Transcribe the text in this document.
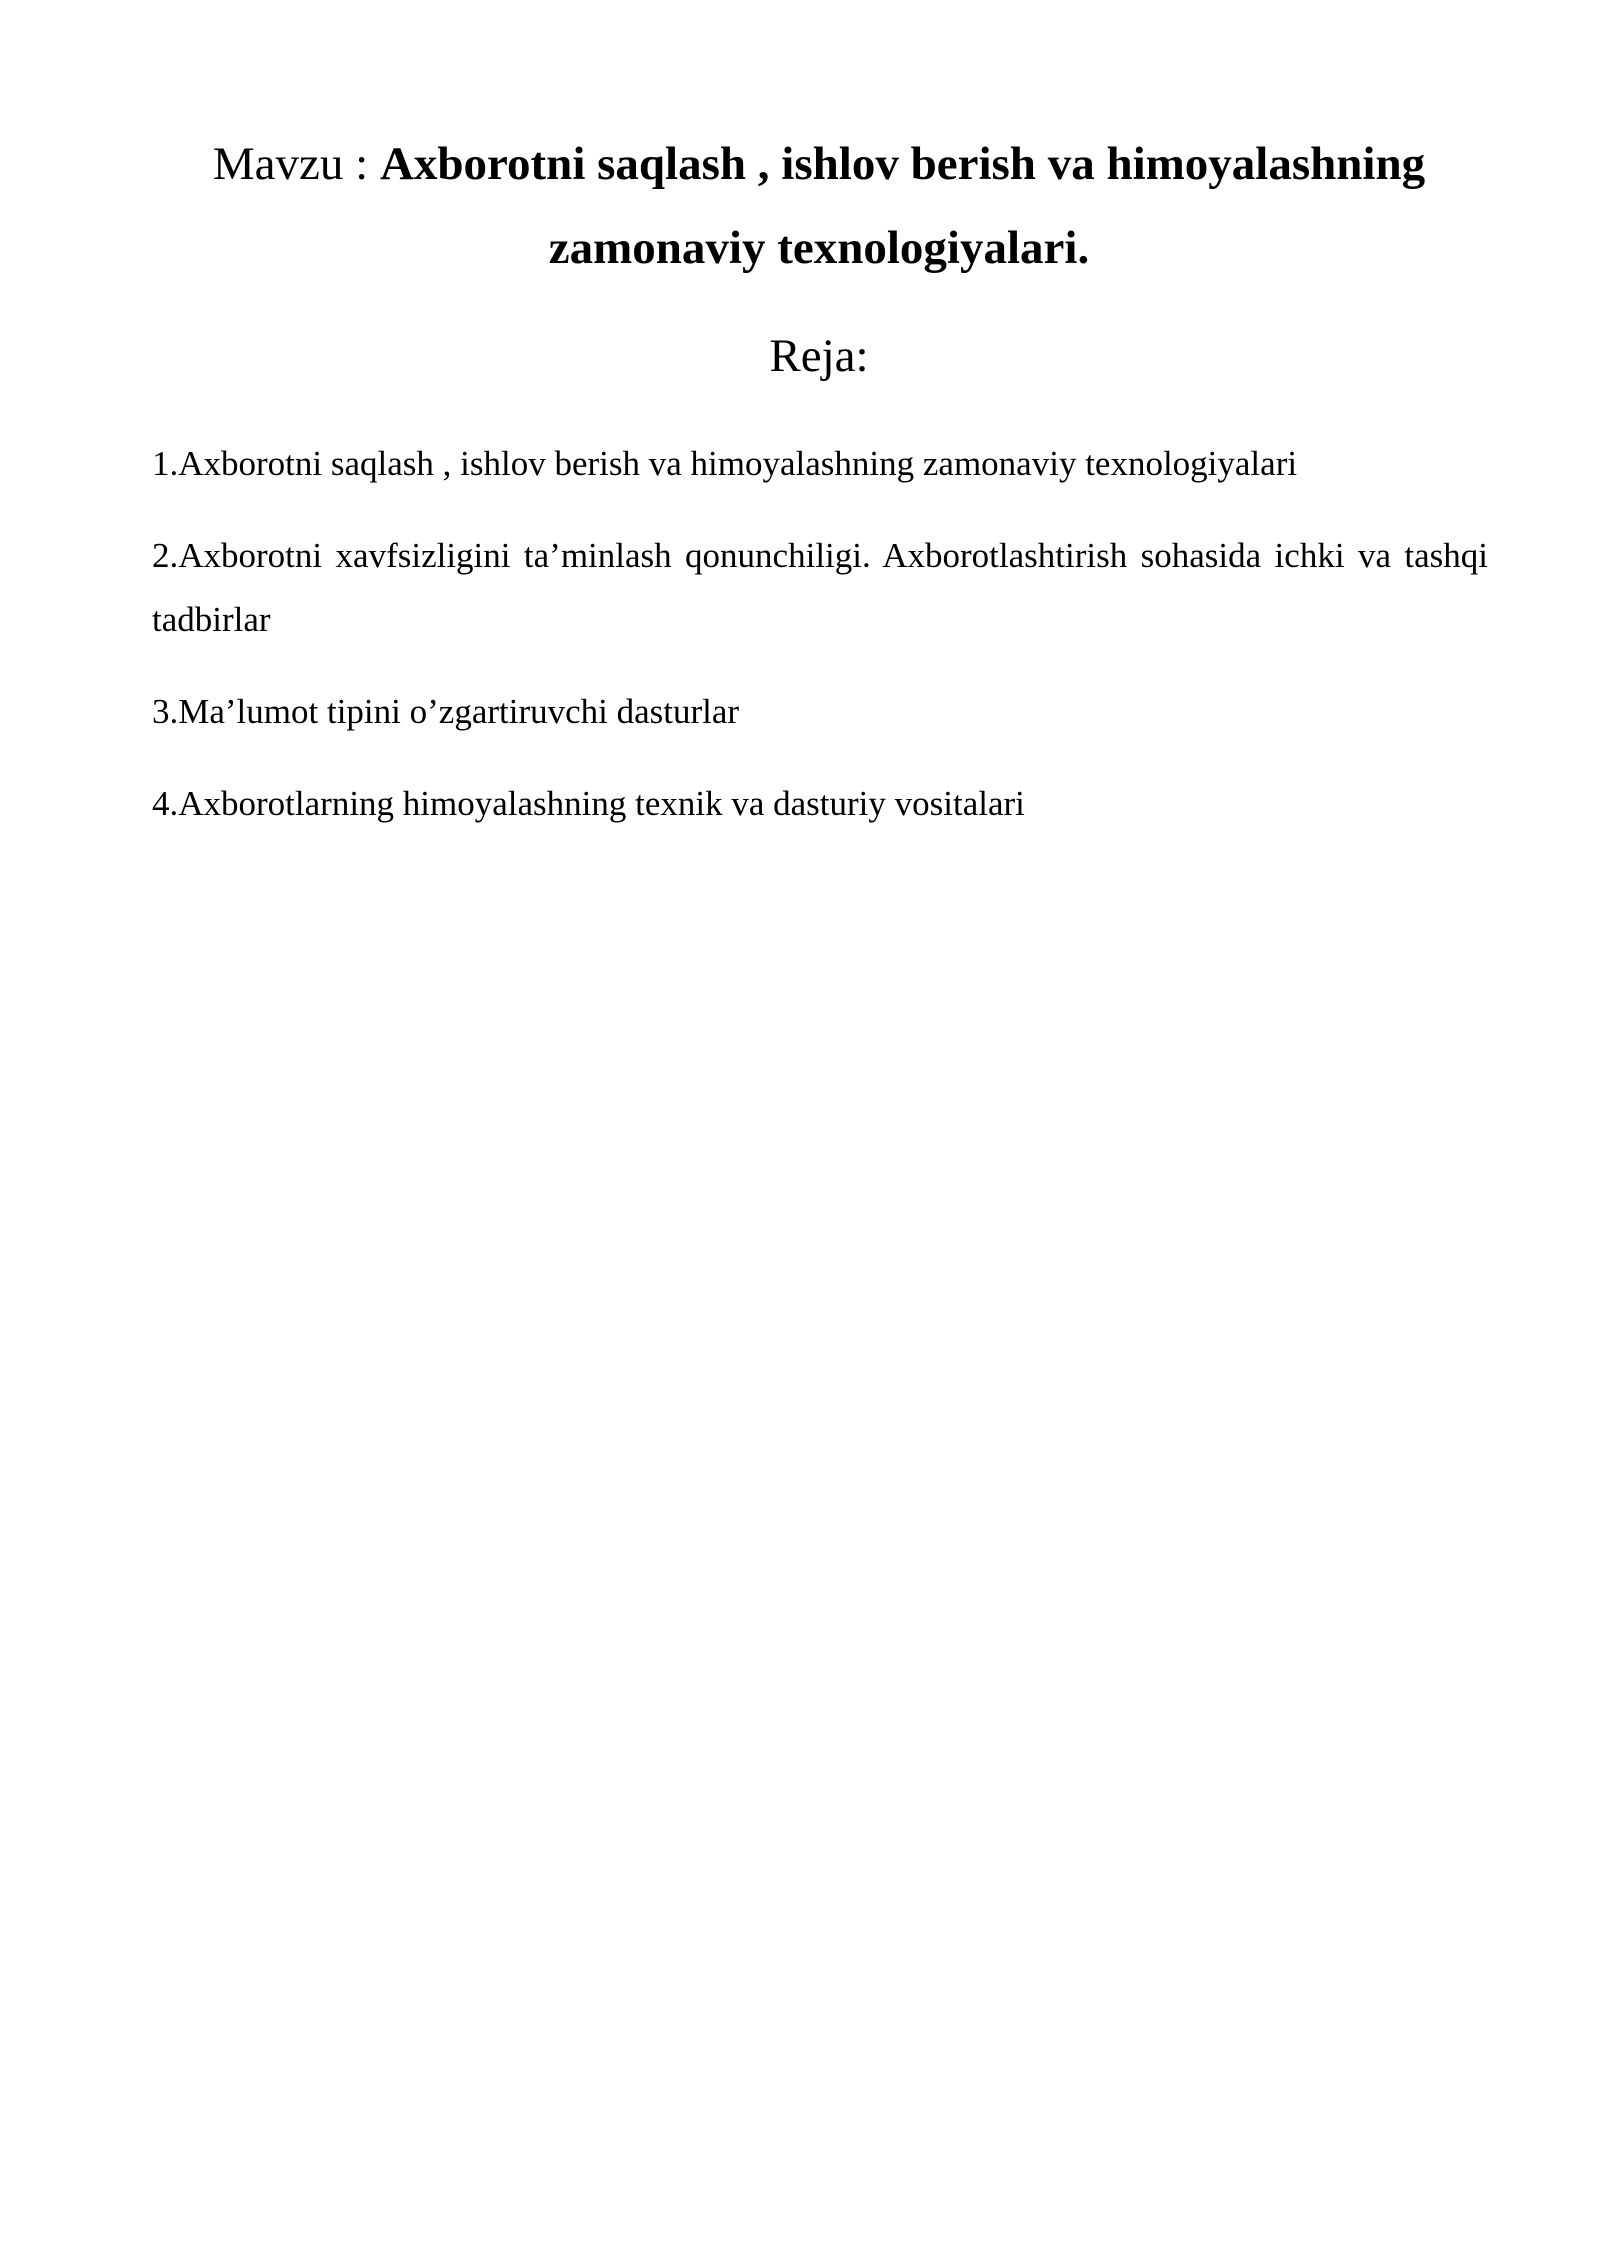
Mavzu : Axborotni saqlash , ishlov berish va himoyalashning zamonaviy texnologiyalari.
Reja:
1.Axborotni saqlash , ishlov berish va himoyalashning zamonaviy texnologiyalari
2.Axborotni xavfsizligini ta’minlash qonunchiligi. Axborotlashtirish sohasida ichki va tashqi tadbirlar
3.Ma’lumot tipini o’zgartiruvchi dasturlar
4.Axborotlarning himoyalashning texnik va dasturiy vositalari
